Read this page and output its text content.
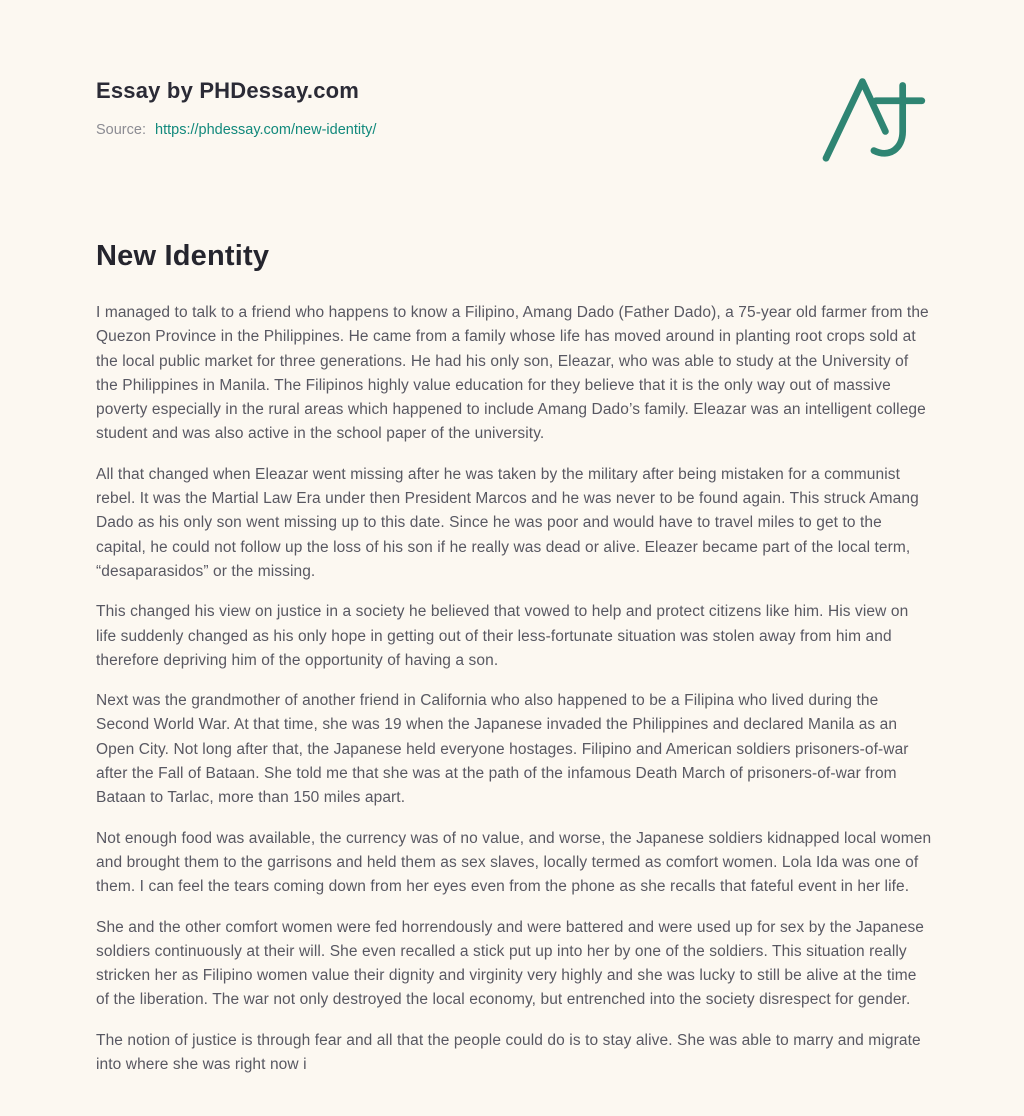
Essay by PHDessay.com
Source: https://phdessay.com/new-identity/
New Identity

I managed to talk to a friend who happens to know a Filipino, Amang Dado (Father Dado), a 75-year old farmer from the Quezon Province in the Philippines. He came from a family whose life has moved around in planting root crops sold at the local public market for three generations. He had his only son, Eleazar, who was able to study at the University of the Philippines in Manila. The Filipinos highly value education for they believe that it is the only way out of massive poverty especially in the rural areas which happened to include Amang Dado’s family. Eleazar was an intelligent college student and was also active in the school paper of the university.

All that changed when Eleazar went missing after he was taken by the military after being mistaken for a communist rebel. It was the Martial Law Era under then President Marcos and he was never to be found again. This struck Amang Dado as his only son went missing up to this date. Since he was poor and would have to travel miles to get to the capital, he could not follow up the loss of his son if he really was dead or alive. Eleazer became part of the local term, “desaparasidos” or the missing.

This changed his view on justice in a society he believed that vowed to help and protect citizens like him. His view on life suddenly changed as his only hope in getting out of their less-fortunate situation was stolen away from him and therefore depriving him of the opportunity of having a son.

Next was the grandmother of another friend in California who also happened to be a Filipina who lived during the Second World War. At that time, she was 19 when the Japanese invaded the Philippines and declared Manila as an Open City. Not long after that, the Japanese held everyone hostages. Filipino and American soldiers prisoners-of-war after the Fall of Bataan. She told me that she was at the path of the infamous Death March of prisoners-of-war from Bataan to Tarlac, more than 150 miles apart.

Not enough food was available, the currency was of no value, and worse, the Japanese soldiers kidnapped local women and brought them to the garrisons and held them as sex slaves, locally termed as comfort women. Lola Ida was one of them. I can feel the tears coming down from her eyes even from the phone as she recalls that fateful event in her life.

She and the other comfort women were fed horrendously and were battered and were used up for sex by the Japanese soldiers continuously at their will. She even recalled a stick put up into her by one of the soldiers. This situation really stricken her as Filipino women value their dignity and virginity very highly and she was lucky to still be alive at the time of the liberation. The war not only destroyed the local economy, but entrenched into the society disrespect for gender.

The notion of justice is through fear and all that the people could do is to stay alive. She was able to marry and migrate into where she was right now i
